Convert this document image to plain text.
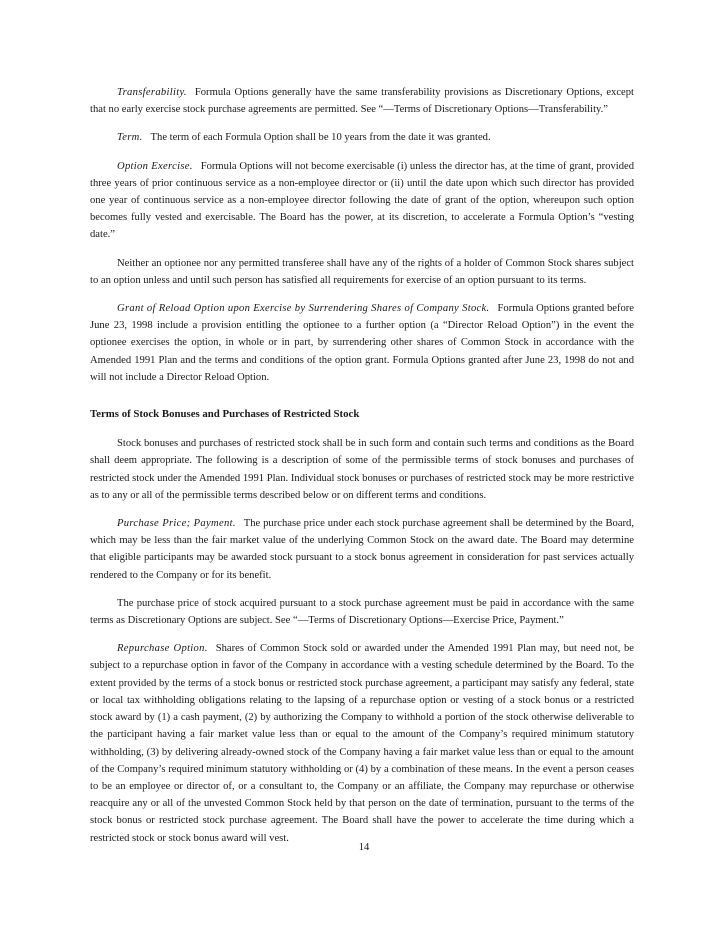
Transferability. Formula Options generally have the same transferability provisions as Discretionary Options, except that no early exercise stock purchase agreements are permitted. See “—Terms of Discretionary Options—Transferability.”

Term. The term of each Formula Option shall be 10 years from the date it was granted.

Option Exercise. Formula Options will not become exercisable (i) unless the director has, at the time of grant, provided three years of prior continuous service as a non-employee director or (ii) until the date upon which such director has provided one year of continuous service as a non-employee director following the date of grant of the option, whereupon such option becomes fully vested and exercisable. The Board has the power, at its discretion, to accelerate a Formula Option’s “vesting date.”

Neither an optionee nor any permitted transferee shall have any of the rights of a holder of Common Stock shares subject to an option unless and until such person has satisfied all requirements for exercise of an option pursuant to its terms.

Grant of Reload Option upon Exercise by Surrendering Shares of Company Stock. Formula Options granted before June 23, 1998 include a provision entitling the optionee to a further option (a “Director Reload Option”) in the event the optionee exercises the option, in whole or in part, by surrendering other shares of Common Stock in accordance with the Amended 1991 Plan and the terms and conditions of the option grant. Formula Options granted after June 23, 1998 do not and will not include a Director Reload Option.

Terms of Stock Bonuses and Purchases of Restricted Stock

Stock bonuses and purchases of restricted stock shall be in such form and contain such terms and conditions as the Board shall deem appropriate. The following is a description of some of the permissible terms of stock bonuses and purchases of restricted stock under the Amended 1991 Plan. Individual stock bonuses or purchases of restricted stock may be more restrictive as to any or all of the permissible terms described below or on different terms and conditions.

Purchase Price; Payment. The purchase price under each stock purchase agreement shall be determined by the Board, which may be less than the fair market value of the underlying Common Stock on the award date. The Board may determine that eligible participants may be awarded stock pursuant to a stock bonus agreement in consideration for past services actually rendered to the Company or for its benefit.

The purchase price of stock acquired pursuant to a stock purchase agreement must be paid in accordance with the same terms as Discretionary Options are subject. See “—Terms of Discretionary Options—Exercise Price, Payment.”

Repurchase Option. Shares of Common Stock sold or awarded under the Amended 1991 Plan may, but need not, be subject to a repurchase option in favor of the Company in accordance with a vesting schedule determined by the Board. To the extent provided by the terms of a stock bonus or restricted stock purchase agreement, a participant may satisfy any federal, state or local tax withholding obligations relating to the lapsing of a repurchase option or vesting of a stock bonus or a restricted stock award by (1) a cash payment, (2) by authorizing the Company to withhold a portion of the stock otherwise deliverable to the participant having a fair market value less than or equal to the amount of the Company’s required minimum statutory withholding, (3) by delivering already-owned stock of the Company having a fair market value less than or equal to the amount of the Company’s required minimum statutory withholding or (4) by a combination of these means. In the event a person ceases to be an employee or director of, or a consultant to, the Company or an affiliate, the Company may repurchase or otherwise reacquire any or all of the unvested Common Stock held by that person on the date of termination, pursuant to the terms of the stock bonus or restricted stock purchase agreement. The Board shall have the power to accelerate the time during which a restricted stock or stock bonus award will vest.

14
